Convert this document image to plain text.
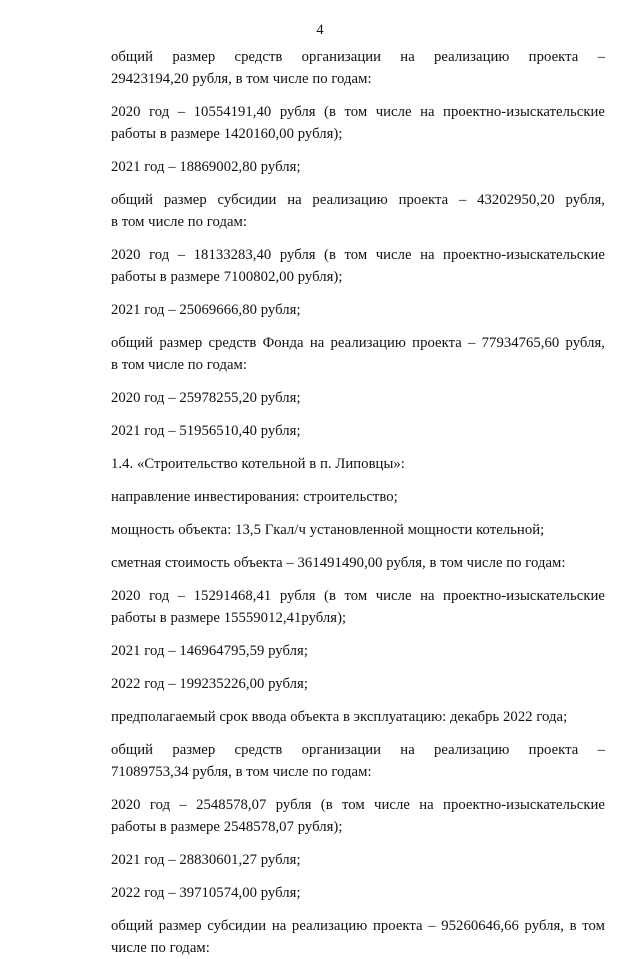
4

общий размер средств организации на реализацию проекта –
29423194,20 рубля, в том числе по годам:

2020 год – 10554191,40 рубля (в том числе на проектно-изыскательские
работы в размере 1420160,00 рубля);

2021 год – 18869002,80 рубля;

общий размер субсидии на реализацию проекта – 43202950,20 рубля,
в том числе по годам:

2020 год – 18133283,40 рубля (в том числе на проектно-изыскательские
работы в размере 7100802,00 рубля);

2021 год – 25069666,80 рубля;

общий размер средств Фонда на реализацию проекта – 77934765,60 рубля,
в том числе по годам:

2020 год – 25978255,20 рубля;

2021 год – 51956510,40 рубля;

1.4. «Строительство котельной в п. Липовцы»:

направление инвестирования: строительство;

мощность объекта: 13,5 Гкал/ч установленной мощности котельной;

сметная стоимость объекта – 361491490,00 рубля, в том числе по годам:

2020 год – 15291468,41 рубля (в том числе на проектно-изыскательские
работы в размере 15559012,41рубля);

2021 год – 146964795,59 рубля;

2022 год – 199235226,00 рубля;

предполагаемый срок ввода объекта в эксплуатацию: декабрь 2022 года;

общий размер средств организации на реализацию проекта –
71089753,34 рубля, в том числе по годам:

2020 год – 2548578,07 рубля (в том числе на проектно-изыскательские
работы в размере 2548578,07 рубля);

2021 год – 28830601,27 рубля;

2022 год – 39710574,00 рубля;

общий размер субсидии на реализацию проекта – 95260646,66 рубля, в том
числе по годам:
